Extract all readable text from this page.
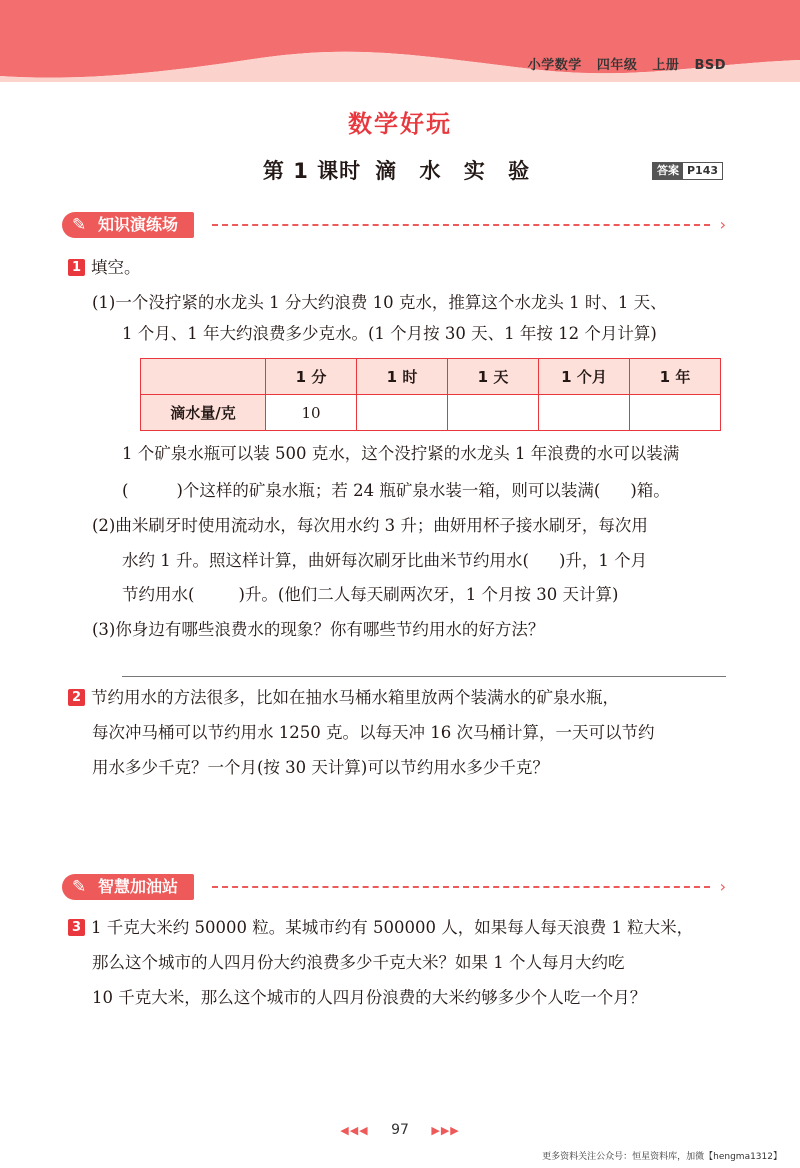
小学数学 四年级 上册 BSD
数学好玩
第 1 课时 滴 水 实 验	答案 P143
✎ 知识演练场	›
1 填空。
(1)一个没拧紧的水龙头 1 分大约浪费 10 克水，推算这个水龙头 1 时、1 天、
1 个月、1 年大约浪费多少克水。(1 个月按 30 天、1 年按 12 个月计算)
	1 分	1 时	1 天	1 个月	1 年
滴水量/克	10				
1 个矿泉水瓶可以装 500 克水，这个没拧紧的水龙头 1 年浪费的水可以装满
(	)个这样的矿泉水瓶；若 24 瓶矿泉水装一箱，则可以装满( )箱。
(2)曲米刷牙时使用流动水，每次用水约 3 升；曲妍用杯子接水刷牙，每次用
水约 1 升。照这样计算，曲妍每次刷牙比曲米节约用水( )升，1 个月
节约用水(	)升。(他们二人每天刷两次牙，1 个月按 30 天计算)
(3)你身边有哪些浪费水的现象？你有哪些节约用水的好方法？
2 节约用水的方法很多，比如在抽水马桶水箱里放两个装满水的矿泉水瓶，
每次冲马桶可以节约用水 1250 克。以每天冲 16 次马桶计算，一天可以节约
用水多少千克？一个月(按 30 天计算)可以节约用水多少千克？
✎ 智慧加油站	›
3 1 千克大米约 50000 粒。某城市约有 500000 人，如果每人每天浪费 1 粒大米，
那么这个城市的人四月份大约浪费多少千克大米？如果 1 个人每月大约吃
10 千克大米，那么这个城市的人四月份浪费的大米约够多少个人吃一个月？
◀◀◀ 97 ▶▶▶
更多资料关注公众号：恒星资料库，加微【hengma1312】
